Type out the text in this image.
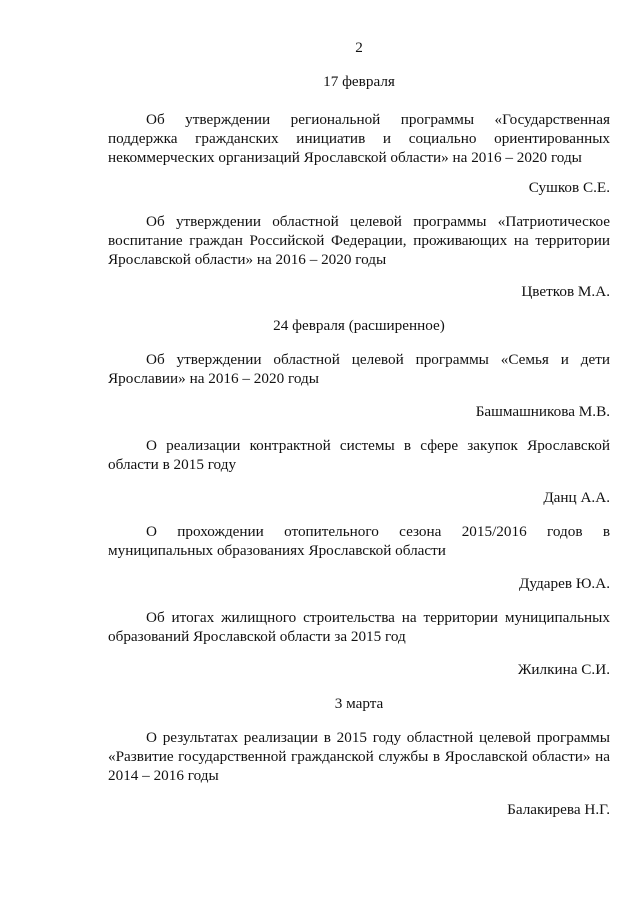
2
17 февраля
Об утверждении региональной программы «Государственная поддержка гражданских инициатив и социально ориентированных некоммерческих организаций Ярославской области» на 2016 – 2020 годы
Сушков С.Е.
Об утверждении областной целевой программы «Патриотическое воспитание граждан Российской Федерации, проживающих на территории Ярославской области» на 2016 – 2020 годы
Цветков М.А.
24 февраля (расширенное)
Об утверждении областной целевой программы «Семья и дети Ярославии» на 2016 – 2020 годы
Башмашникова М.В.
О реализации контрактной системы в сфере закупок Ярославской области в 2015 году
Данц А.А.
О прохождении отопительного сезона 2015/2016 годов в муниципальных образованиях Ярославской области
Дударев Ю.А.
Об итогах жилищного строительства на территории муниципальных образований Ярославской области за 2015 год
Жилкина С.И.
3 марта
О результатах реализации в 2015 году областной целевой программы «Развитие государственной гражданской службы в Ярославской области» на 2014 – 2016 годы
Балакирева Н.Г.
